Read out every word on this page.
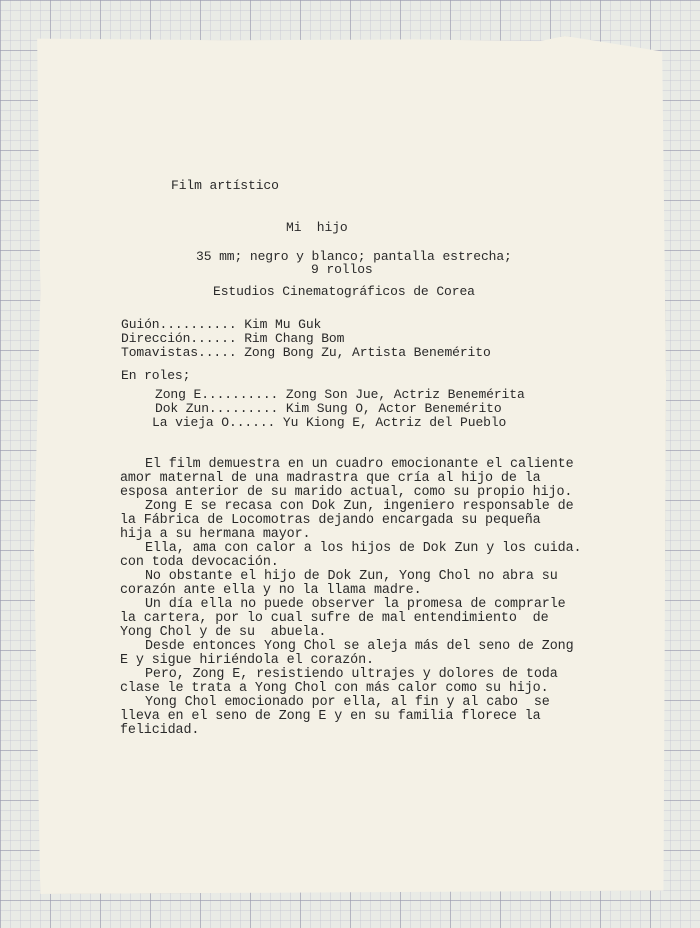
Film artístico
Mi  hijo
35 mm; negro y blanco; pantalla estrecha;
9 rollos
Estudios Cinematográficos de Corea
Guión.......... Kim Mu Guk
Dirección...... Rim Chang Bom
Tomavistas..... Zong Bong Zu, Artista Benemérito
En roles;
Zong E.......... Zong Son Jue, Actriz Benemérita
Dok Zun......... Kim Sung O, Actor Benemérito
La vieja O...... Yu Kiong E, Actriz del Pueblo
El film demuestra en un cuadro emocionante el caliente
amor maternal de una madrastra que cría al hijo de la
esposa anterior de su marido actual, como su propio hijo.
Zong E se recasa con Dok Zun, ingeniero responsable de
la Fábrica de Locomotras dejando encargada su pequeña
hija a su hermana mayor.
Ella, ama con calor a los hijos de Dok Zun y los cuida.
con toda devocación.
No obstante el hijo de Dok Zun, Yong Chol no abra su
corazón ante ella y no la llama madre.
Un día ella no puede observer la promesa de comprarle
la cartera, por lo cual sufre de mal entendimiento  de
Yong Chol y de su  abuela.
Desde entonces Yong Chol se aleja más del seno de Zong
E y sigue hiriéndola el corazón.
Pero, Zong E, resistiendo ultrajes y dolores de toda
clase le trata a Yong Chol con más calor como su hijo.
Yong Chol emocionado por ella, al fin y al cabo  se
lleva en el seno de Zong E y en su familia florece la
felicidad.
